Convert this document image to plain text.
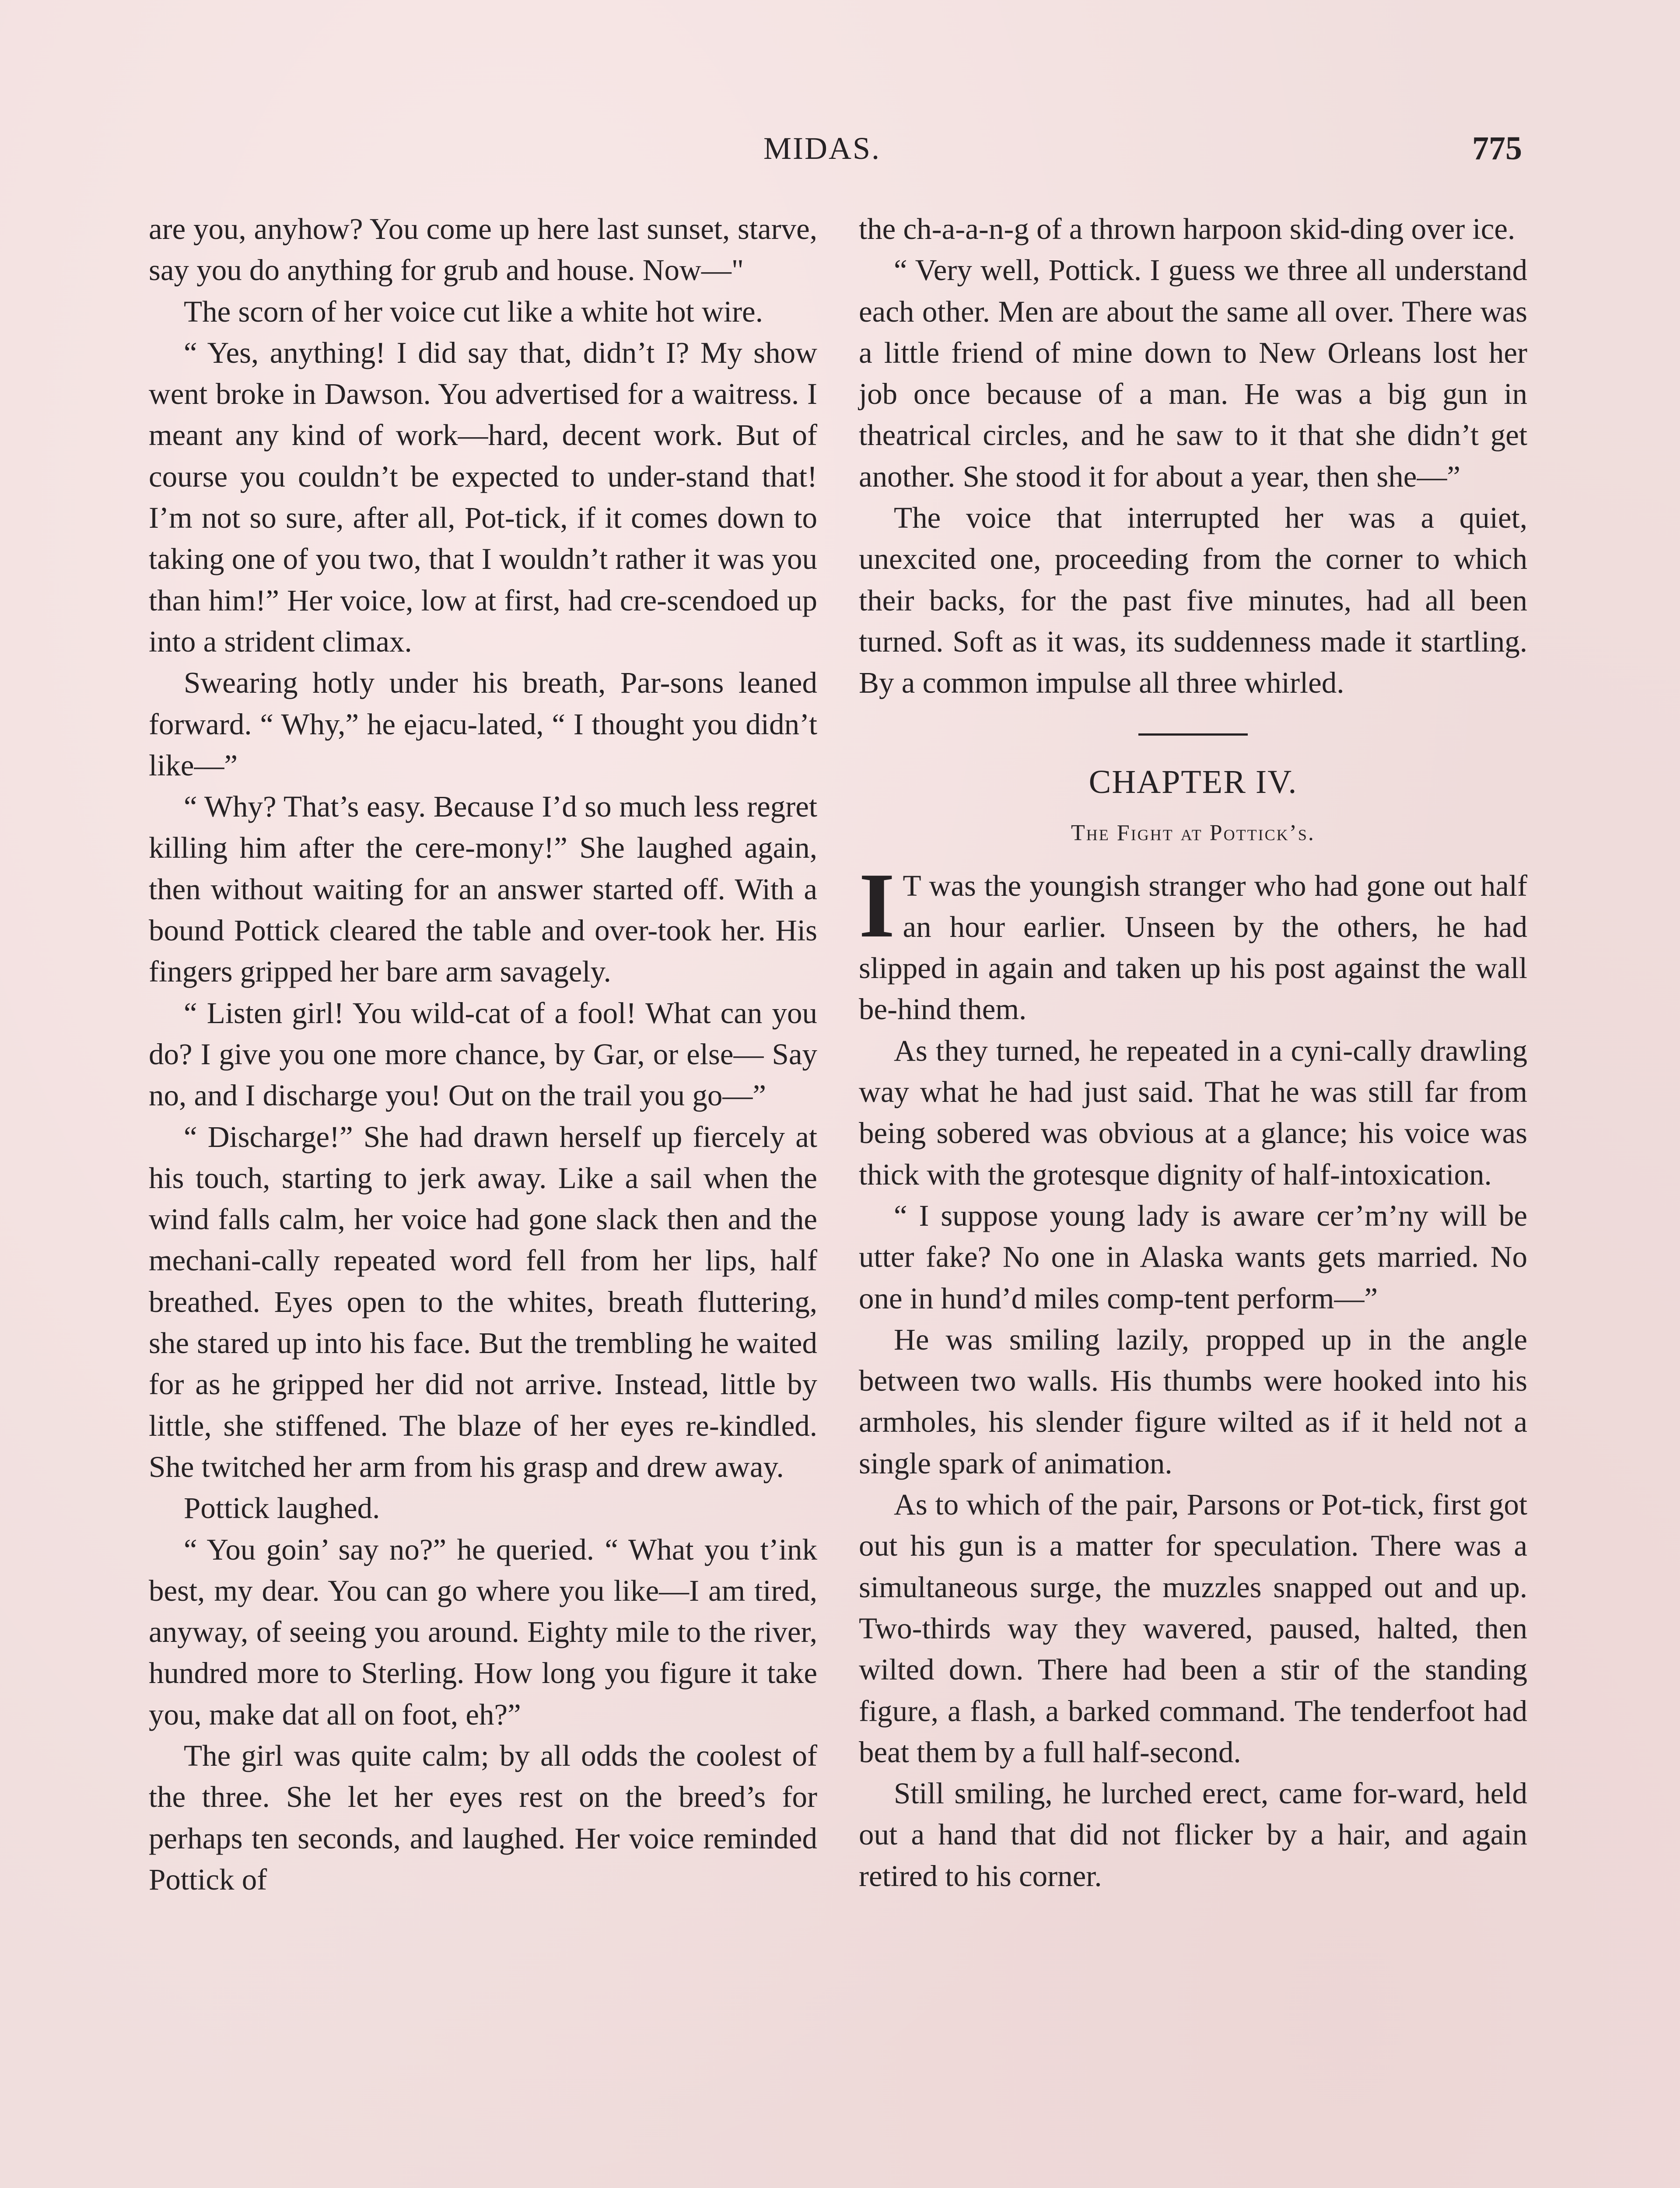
MIDAS.	775

are you, anyhow? You come up here last sunset, starve, say you do anything for grub and house. Now—"

The scorn of her voice cut like a white hot wire.

“ Yes, anything! I did say that, didn’t I? My show went broke in Dawson. You advertised for a waitress. I meant any kind of work—hard, decent work. But of course you couldn’t be expected to under-stand that! I’m not so sure, after all, Pot-tick, if it comes down to taking one of you two, that I wouldn’t rather it was you than him!” Her voice, low at first, had cre-scendoed up into a strident climax.

Swearing hotly under his breath, Par-sons leaned forward. “ Why,” he ejacu-lated, “ I thought you didn’t like—”

“ Why? That’s easy. Because I’d so much less regret killing him after the cere-mony!” She laughed again, then without waiting for an answer started off. With a bound Pottick cleared the table and over-took her. His fingers gripped her bare arm savagely.

“ Listen girl! You wild-cat of a fool! What can you do? I give you one more chance, by Gar, or else— Say no, and I discharge you! Out on the trail you go—”

“ Discharge!” She had drawn herself up fiercely at his touch, starting to jerk away. Like a sail when the wind falls calm, her voice had gone slack then and the mechani-cally repeated word fell from her lips, half breathed. Eyes open to the whites, breath fluttering, she stared up into his face. But the trembling he waited for as he gripped her did not arrive. Instead, little by little, she stiffened. The blaze of her eyes re-kindled. She twitched her arm from his grasp and drew away.

Pottick laughed.

“ You goin’ say no?” he queried. “ What you t’ink best, my dear. You can go where you like—I am tired, anyway, of seeing you around. Eighty mile to the river, hundred more to Sterling. How long you figure it take you, make dat all on foot, eh?”

The girl was quite calm; by all odds the coolest of the three. She let her eyes rest on the breed’s for perhaps ten seconds, and laughed. Her voice reminded Pottick of

the ch-a-a-n-g of a thrown harpoon skid-ding over ice.

“ Very well, Pottick. I guess we three all understand each other. Men are about the same all over. There was a little friend of mine down to New Orleans lost her job once because of a man. He was a big gun in theatrical circles, and he saw to it that she didn’t get another. She stood it for about a year, then she—”

The voice that interrupted her was a quiet, unexcited one, proceeding from the corner to which their backs, for the past five minutes, had all been turned. Soft as it was, its suddenness made it startling. By a common impulse all three whirled.

CHAPTER IV.
The Fight at Pottick’s.

I T was the youngish stranger who had gone out half an hour earlier. Unseen by the others, he had slipped in again and taken up his post against the wall be-hind them.

As they turned, he repeated in a cyni-cally drawling way what he had just said. That he was still far from being sobered was obvious at a glance; his voice was thick with the grotesque dignity of half-intoxication.

“ I suppose young lady is aware cer’m’ny will be utter fake? No one in Alaska wants gets married. No one in hund’d miles comp-tent perform—”

He was smiling lazily, propped up in the angle between two walls. His thumbs were hooked into his armholes, his slender figure wilted as if it held not a single spark of animation.

As to which of the pair, Parsons or Pot-tick, first got out his gun is a matter for speculation. There was a simultaneous surge, the muzzles snapped out and up. Two-thirds way they wavered, paused, halted, then wilted down. There had been a stir of the standing figure, a flash, a barked command. The tenderfoot had beat them by a full half-second.

Still smiling, he lurched erect, came for-ward, held out a hand that did not flicker by a hair, and again retired to his corner.
